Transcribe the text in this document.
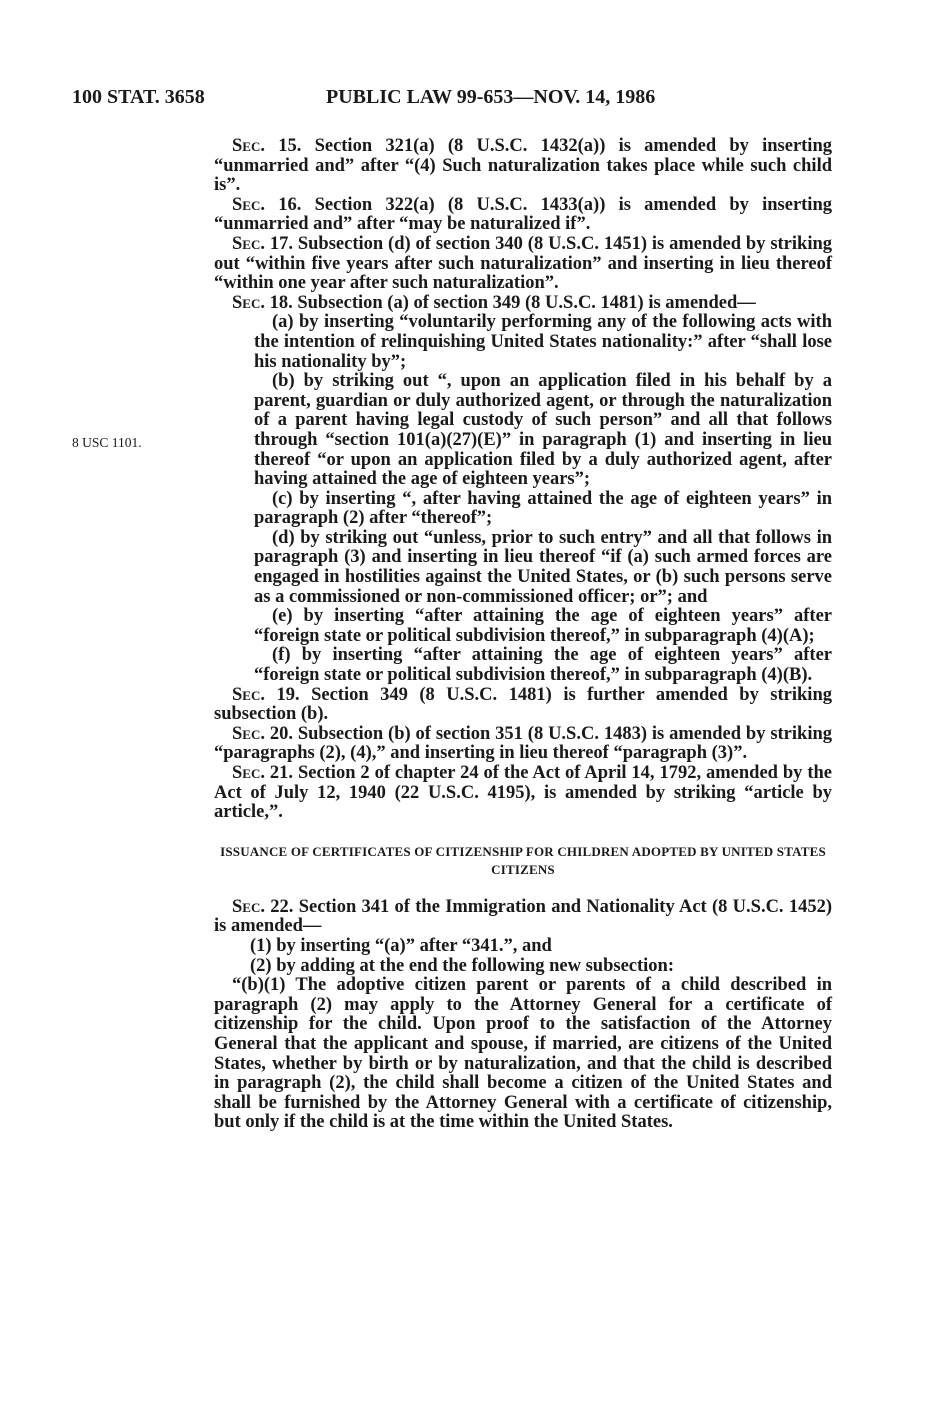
100 STAT. 3658	PUBLIC LAW 99-653—NOV. 14, 1986
8 USC 1101.

Sec. 15. Section 321(a) (8 U.S.C. 1432(a)) is amended by inserting “unmarried and” after “(4) Such naturalization takes place while such child is”.

Sec. 16. Section 322(a) (8 U.S.C. 1433(a)) is amended by inserting “unmarried and” after “may be naturalized if”.

Sec. 17. Subsection (d) of section 340 (8 U.S.C. 1451) is amended by striking out “within five years after such naturalization” and inserting in lieu thereof “within one year after such naturalization”.

Sec. 18. Subsection (a) of section 349 (8 U.S.C. 1481) is amended—

(a) by inserting “voluntarily performing any of the following acts with the intention of relinquishing United States nationality:” after “shall lose his nationality by”;

(b) by striking out “, upon an application filed in his behalf by a parent, guardian or duly authorized agent, or through the naturalization of a parent having legal custody of such person” and all that follows through “section 101(a)(27)(E)” in paragraph (1) and inserting in lieu thereof “or upon an application filed by a duly authorized agent, after having attained the age of eighteen years”;

(c) by inserting “, after having attained the age of eighteen years” in paragraph (2) after “thereof”;

(d) by striking out “unless, prior to such entry” and all that follows in paragraph (3) and inserting in lieu thereof “if (a) such armed forces are engaged in hostilities against the United States, or (b) such persons serve as a commissioned or non-commissioned officer; or”; and

(e) by inserting “after attaining the age of eighteen years” after “foreign state or political subdivision thereof,” in subparagraph (4)(A);

(f) by inserting “after attaining the age of eighteen years” after “foreign state or political subdivision thereof,” in subparagraph (4)(B).

Sec. 19. Section 349 (8 U.S.C. 1481) is further amended by striking subsection (b).

Sec. 20. Subsection (b) of section 351 (8 U.S.C. 1483) is amended by striking “paragraphs (2), (4),” and inserting in lieu thereof “paragraph (3)”.

Sec. 21. Section 2 of chapter 24 of the Act of April 14, 1792, amended by the Act of July 12, 1940 (22 U.S.C. 4195), is amended by striking “article by article,”.

ISSUANCE OF CERTIFICATES OF CITIZENSHIP FOR CHILDREN ADOPTED BY UNITED STATES CITIZENS

Sec. 22. Section 341 of the Immigration and Nationality Act (8 U.S.C. 1452) is amended—

(1) by inserting “(a)” after “341.”, and

(2) by adding at the end the following new subsection:

“(b)(1) The adoptive citizen parent or parents of a child described in paragraph (2) may apply to the Attorney General for a certificate of citizenship for the child. Upon proof to the satisfaction of the Attorney General that the applicant and spouse, if married, are citizens of the United States, whether by birth or by naturalization, and that the child is described in paragraph (2), the child shall become a citizen of the United States and shall be furnished by the Attorney General with a certificate of citizenship, but only if the child is at the time within the United States.
